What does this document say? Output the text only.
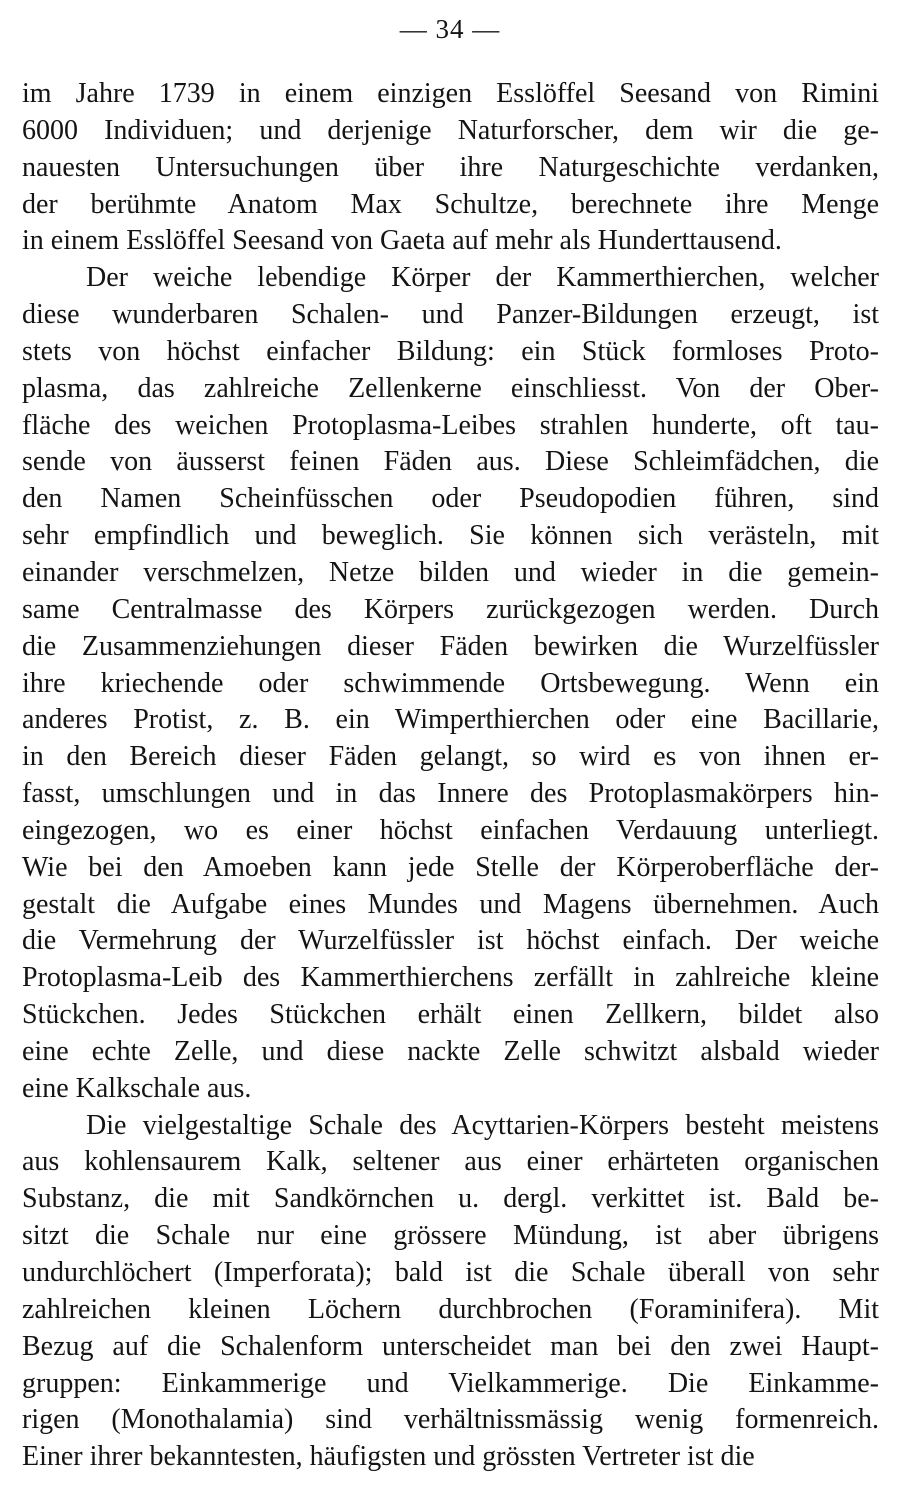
— 34 —
im Jahre 1739 in einem einzigen Esslöffel Seesand von Rimini
6000 Individuen; und derjenige Naturforscher, dem wir die ge-
nauesten Untersuchungen über ihre Naturgeschichte verdanken,
der berühmte Anatom Max Schultze, berechnete ihre Menge
in einem Esslöffel Seesand von Gaeta auf mehr als Hunderttausend.
Der weiche lebendige Körper der Kammerthierchen, welcher
diese wunderbaren Schalen- und Panzer-Bildungen erzeugt, ist
stets von höchst einfacher Bildung: ein Stück formloses Proto-
plasma, das zahlreiche Zellenkerne einschliesst. Von der Ober-
fläche des weichen Protoplasma-Leibes strahlen hunderte, oft tau-
sende von äusserst feinen Fäden aus. Diese Schleimfädchen, die
den Namen Scheinfüsschen oder Pseudopodien führen, sind
sehr empfindlich und beweglich. Sie können sich verästeln, mit
einander verschmelzen, Netze bilden und wieder in die gemein-
same Centralmasse des Körpers zurückgezogen werden. Durch
die Zusammenziehungen dieser Fäden bewirken die Wurzelfüssler
ihre kriechende oder schwimmende Ortsbewegung. Wenn ein
anderes Protist, z. B. ein Wimperthierchen oder eine Bacillarie,
in den Bereich dieser Fäden gelangt, so wird es von ihnen er-
fasst, umschlungen und in das Innere des Protoplasmakörpers hin-
eingezogen, wo es einer höchst einfachen Verdauung unterliegt.
Wie bei den Amoeben kann jede Stelle der Körperoberfläche der-
gestalt die Aufgabe eines Mundes und Magens übernehmen. Auch
die Vermehrung der Wurzelfüssler ist höchst einfach. Der weiche
Protoplasma-Leib des Kammerthierchens zerfällt in zahlreiche kleine
Stückchen. Jedes Stückchen erhält einen Zellkern, bildet also
eine echte Zelle, und diese nackte Zelle schwitzt alsbald wieder
eine Kalkschale aus.
Die vielgestaltige Schale des Acyttarien-Körpers besteht meistens
aus kohlensaurem Kalk, seltener aus einer erhärteten organischen
Substanz, die mit Sandkörnchen u. dergl. verkittet ist. Bald be-
sitzt die Schale nur eine grössere Mündung, ist aber übrigens
undurchlöchert (Imperforata); bald ist die Schale überall von sehr
zahlreichen kleinen Löchern durchbrochen (Foraminifera). Mit
Bezug auf die Schalenform unterscheidet man bei den zwei Haupt-
gruppen: Einkammerige und Vielkammerige. Die Einkamme-
rigen (Monothalamia) sind verhältnissmässig wenig formenreich.
Einer ihrer bekanntesten, häufigsten und grössten Vertreter ist die
